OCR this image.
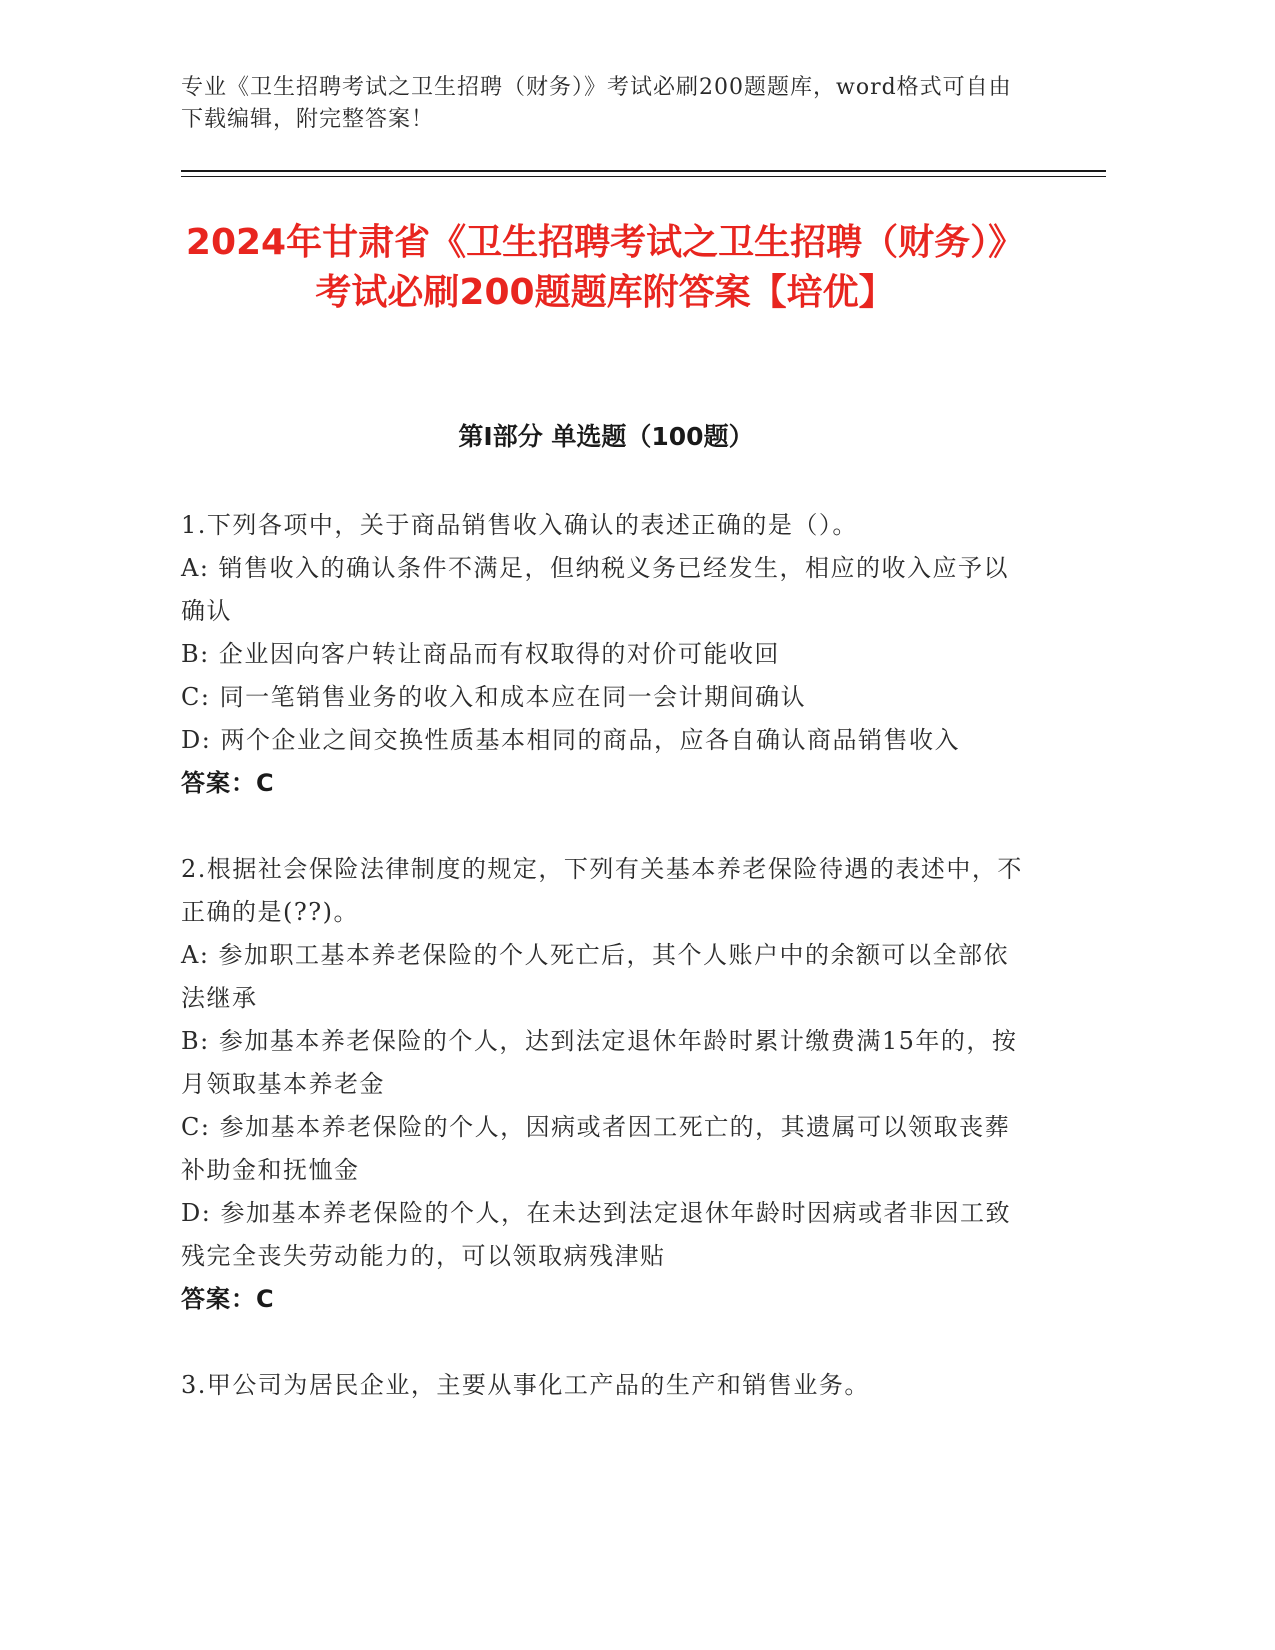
专业《卫生招聘考试之卫生招聘（财务）》考试必刷200题题库，word格式可自由下载编辑，附完整答案！
2024年甘肃省《卫生招聘考试之卫生招聘（财务）》考试必刷200题题库附答案【培优】
第I部分 单选题（100题）
1.下列各项中，关于商品销售收入确认的表述正确的是（）。
A: 销售收入的确认条件不满足，但纳税义务已经发生，相应的收入应予以确认
B: 企业因向客户转让商品而有权取得的对价可能收回
C: 同一笔销售业务的收入和成本应在同一会计期间确认
D: 两个企业之间交换性质基本相同的商品，应各自确认商品销售收入
答案：C
2.根据社会保险法律制度的规定，下列有关基本养老保险待遇的表述中，不正确的是(??)。
A: 参加职工基本养老保险的个人死亡后，其个人账户中的余额可以全部依法继承
B: 参加基本养老保险的个人，达到法定退休年龄时累计缴费满15年的，按月领取基本养老金
C: 参加基本养老保险的个人，因病或者因工死亡的，其遗属可以领取丧葬补助金和抚恤金
D: 参加基本养老保险的个人，在未达到法定退休年龄时因病或者非因工致残完全丧失劳动能力的，可以领取病残津贴
答案：C
3.甲公司为居民企业，主要从事化工产品的生产和销售业务。
